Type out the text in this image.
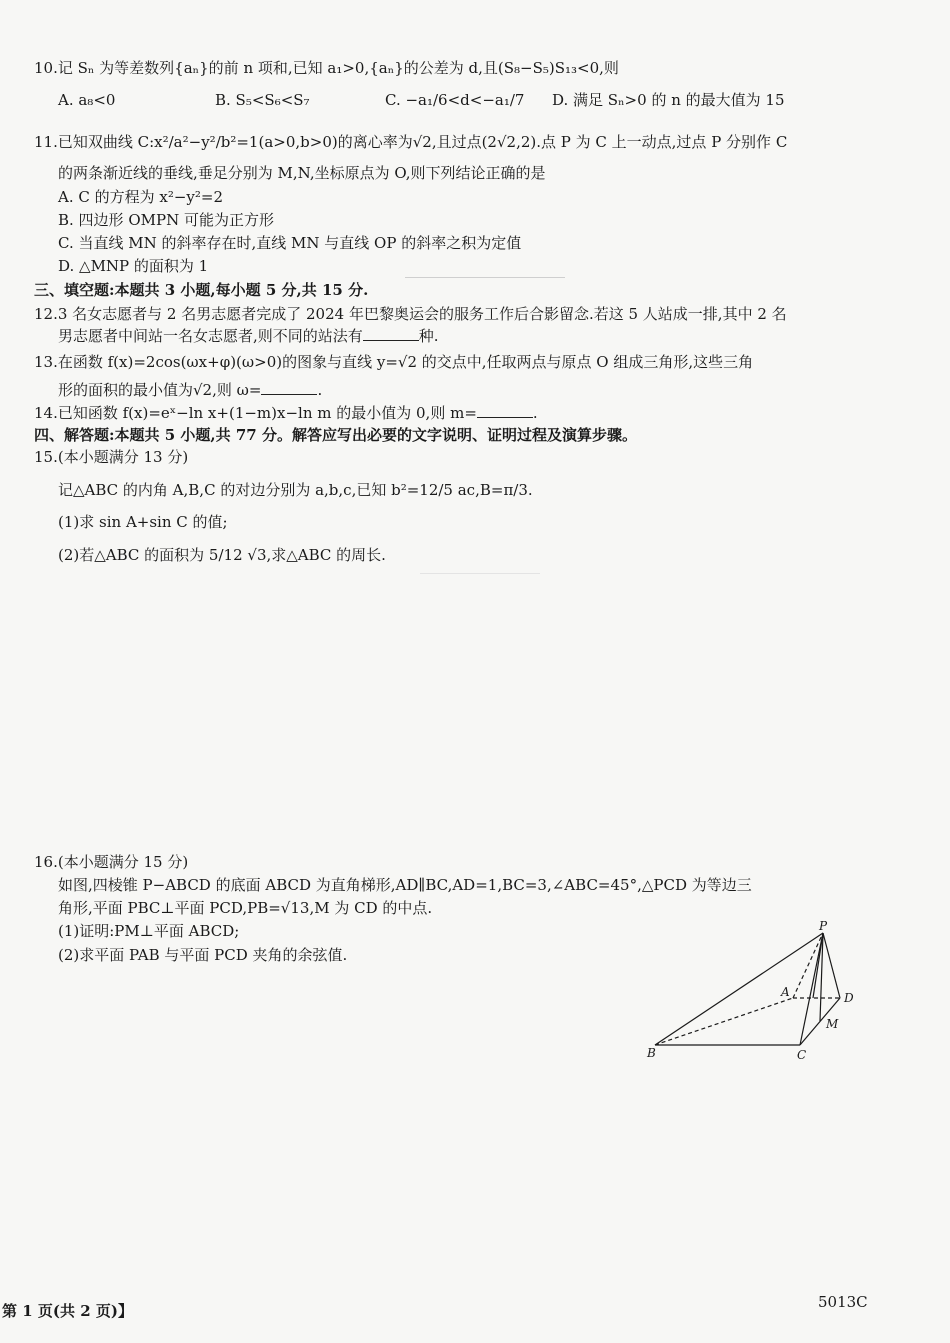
10.记 Sₙ 为等差数列{aₙ}的前 n 项和,已知 a₁>0,{aₙ}的公差为 d,且(S₈−S₅)S₁₃<0,则
A. a₈<0	B. S₅<S₆<S₇	C. −a₁/6<d<−a₁/7 D. 满足 Sₙ>0 的 n 的最大值为 15
11.已知双曲线 C:x²/a²−y²/b²=1(a>0,b>0)的离心率为√2,且过点(2√2,2).点 P 为 C 上一动点,过点 P 分别作 C
的两条渐近线的垂线,垂足分别为 M,N,坐标原点为 O,则下列结论正确的是
A. C 的方程为 x²−y²=2
B. 四边形 OMPN 可能为正方形
C. 当直线 MN 的斜率存在时,直线 MN 与直线 OP 的斜率之积为定值
D. △MNP 的面积为 1
三、填空题:本题共 3 小题,每小题 5 分,共 15 分.
12.3 名女志愿者与 2 名男志愿者完成了 2024 年巴黎奥运会的服务工作后合影留念.若这 5 人站成一排,其中 2 名
男志愿者中间站一名女志愿者,则不同的站法有	种.
13.在函数 f(x)=2cos(ωx+φ)(ω>0)的图象与直线 y=√2 的交点中,任取两点与原点 O 组成三角形,这些三角
形的面积的最小值为√2,则 ω=	.
14.已知函数 f(x)=eˣ−ln x+(1−m)x−ln m 的最小值为 0,则 m=	.
四、解答题:本题共 5 小题,共 77 分。解答应写出必要的文字说明、证明过程及演算步骤。
15.(本小题满分 13 分)
记△ABC 的内角 A,B,C 的对边分别为 a,b,c,已知 b²=12/5 ac,B=π/3.
(1)求 sin A+sin C 的值;
(2)若△ABC 的面积为 5/12 √3,求△ABC 的周长.
16.(本小题满分 15 分)
如图,四棱锥 P−ABCD 的底面 ABCD 为直角梯形,AD∥BC,AD=1,BC=3,∠ABC=45°,△PCD 为等边三
角形,平面 PBC⊥平面 PCD,PB=√13,M 为 CD 的中点.
(1)证明:PM⊥平面 ABCD;
(2)求平面 PAB 与平面 PCD 夹角的余弦值.
P
A	D
M
B	C
第 1 页(共 2 页)】	5013C
